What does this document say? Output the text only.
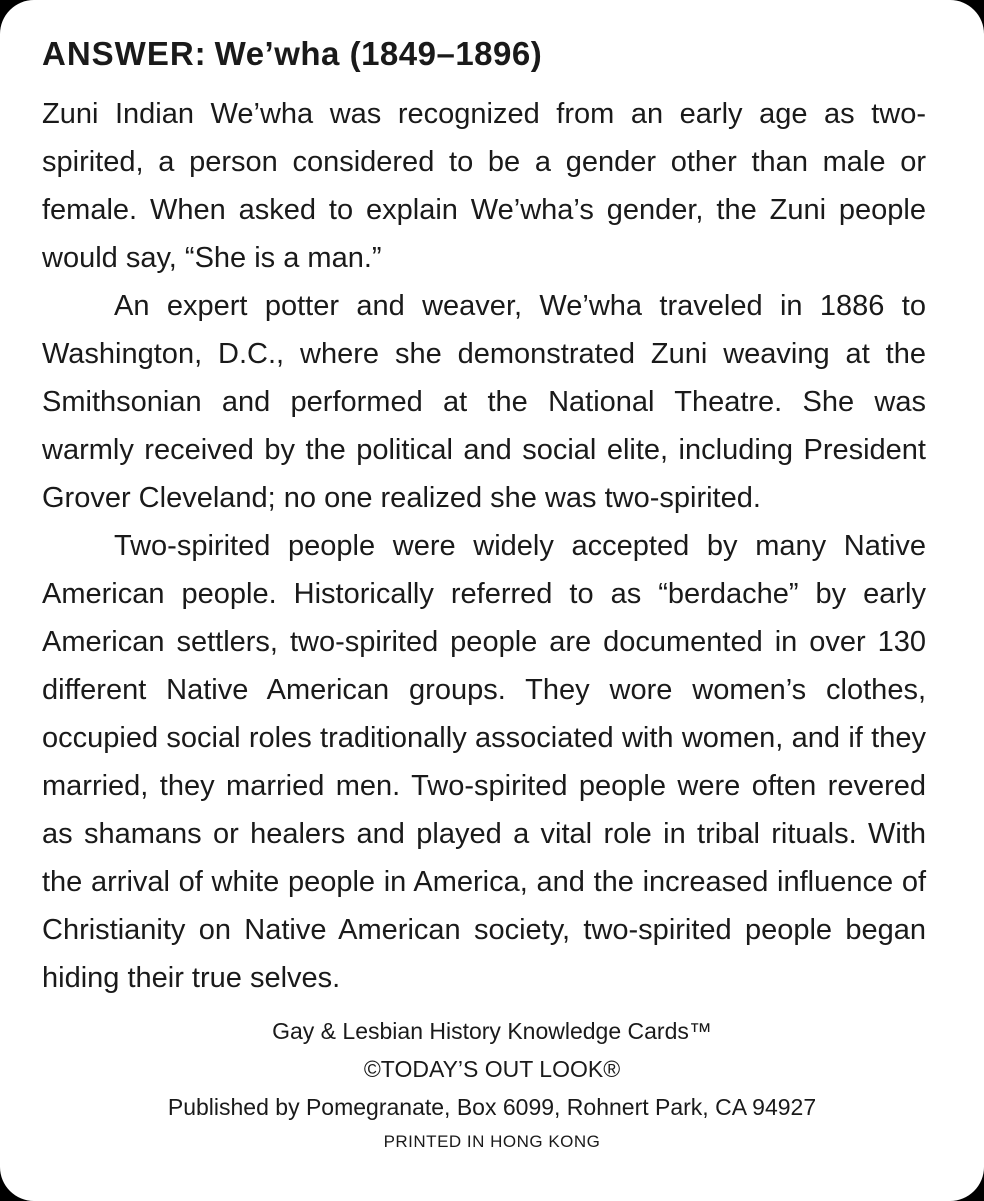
ANSWER: We’wha (1849–1896)

Zuni Indian We’wha was recognized from an early age as two-spirited, a person considered to be a gender other than male or female. When asked to explain We’wha’s gender, the Zuni people would say, “She is a man.”

An expert potter and weaver, We’wha traveled in 1886 to Washington, D.C., where she demonstrated Zuni weaving at the Smithsonian and performed at the National Theatre. She was warmly received by the political and social elite, including President Grover Cleveland; no one realized she was two-spirited.

Two-spirited people were widely accepted by many Native American people. Historically referred to as “berdache” by early American settlers, two-spirited people are documented in over 130 different Native American groups. They wore women’s clothes, occupied social roles traditionally associated with women, and if they married, they married men. Two-spirited people were often revered as shamans or healers and played a vital role in tribal rituals. With the arrival of white people in America, and the increased influence of Christianity on Native American society, two-spirited people began hiding their true selves.

Gay & Lesbian History Knowledge Cards™
©TODAY’S OUT LOOK®
Published by Pomegranate, Box 6099, Rohnert Park, CA 94927
PRINTED IN HONG KONG
